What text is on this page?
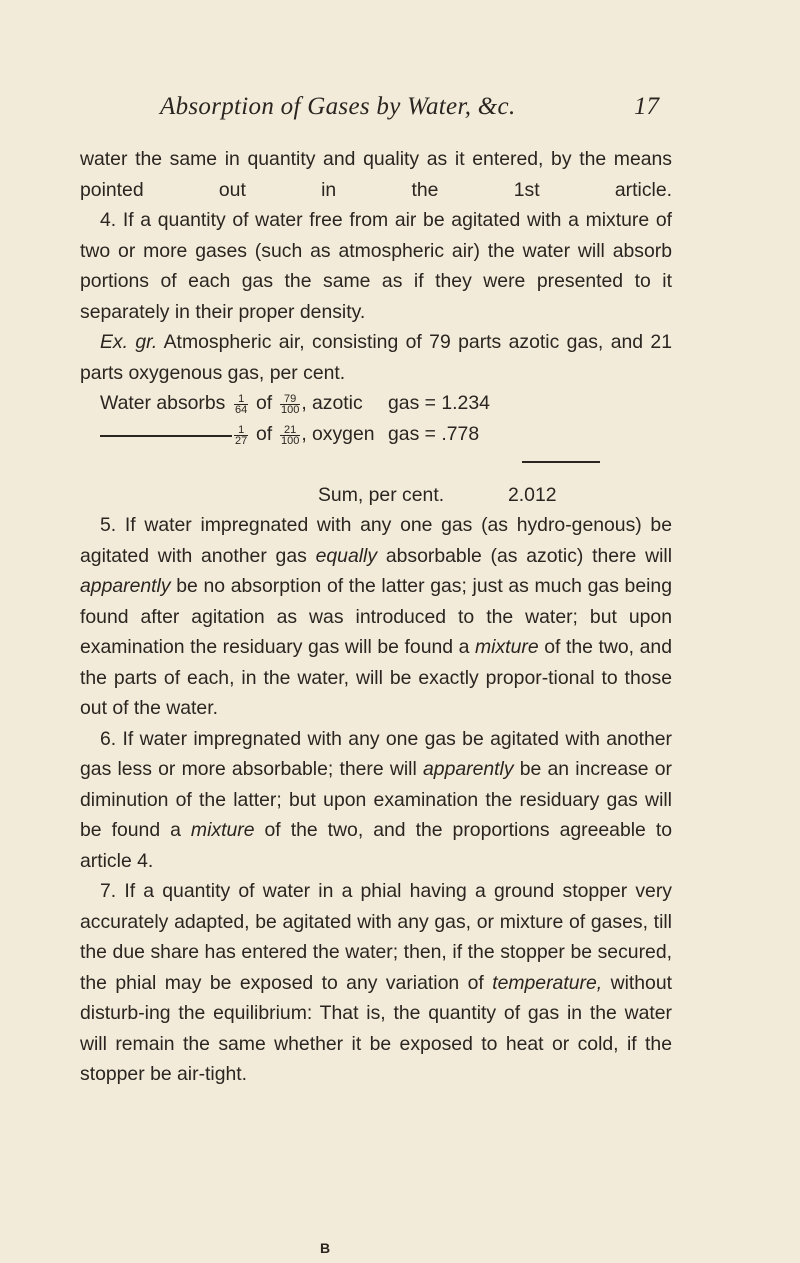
Absorption of Gases by Water, &c.	17

water the same in quantity and quality as it entered, by the means pointed out in the 1st article.

4. If a quantity of water free from air be agitated with a mixture of two or more gases (such as atmospheric air) the water will absorb portions of each gas the same as if they were presented to it separately in their proper density.

Ex. gr. Atmospheric air, consisting of 79 parts azotic gas, and 21 parts oxygenous gas, per cent.

Water absorbs $\frac{1}{64}$ of $\frac{79}{100}$ , azotic gas = 1.234
$\frac{1}{27}$ of $\frac{21}{100}$ , oxygen gas = .778
Sum, per cent.	2.012

5. If water impregnated with any one gas (as hydro-genous) be agitated with another gas equally absorbable (as azotic) there will apparently be no absorption of the latter gas; just as much gas being found after agitation as was introduced to the water; but upon examination the residuary gas will be found a mixture of the two, and the parts of each, in the water, will be exactly propor-tional to those out of the water.

6. If water impregnated with any one gas be agitated with another gas less or more absorbable; there will apparently be an increase or diminution of the latter; but upon examination the residuary gas will be found a mixture of the two, and the proportions agreeable to article 4.

7. If a quantity of water in a phial having a ground stopper very accurately adapted, be agitated with any gas, or mixture of gases, till the due share has entered the water; then, if the stopper be secured, the phial may be exposed to any variation of temperature, without disturb-ing the equilibrium: That is, the quantity of gas in the water will remain the same whether it be exposed to heat or cold, if the stopper be air-tight.

B
